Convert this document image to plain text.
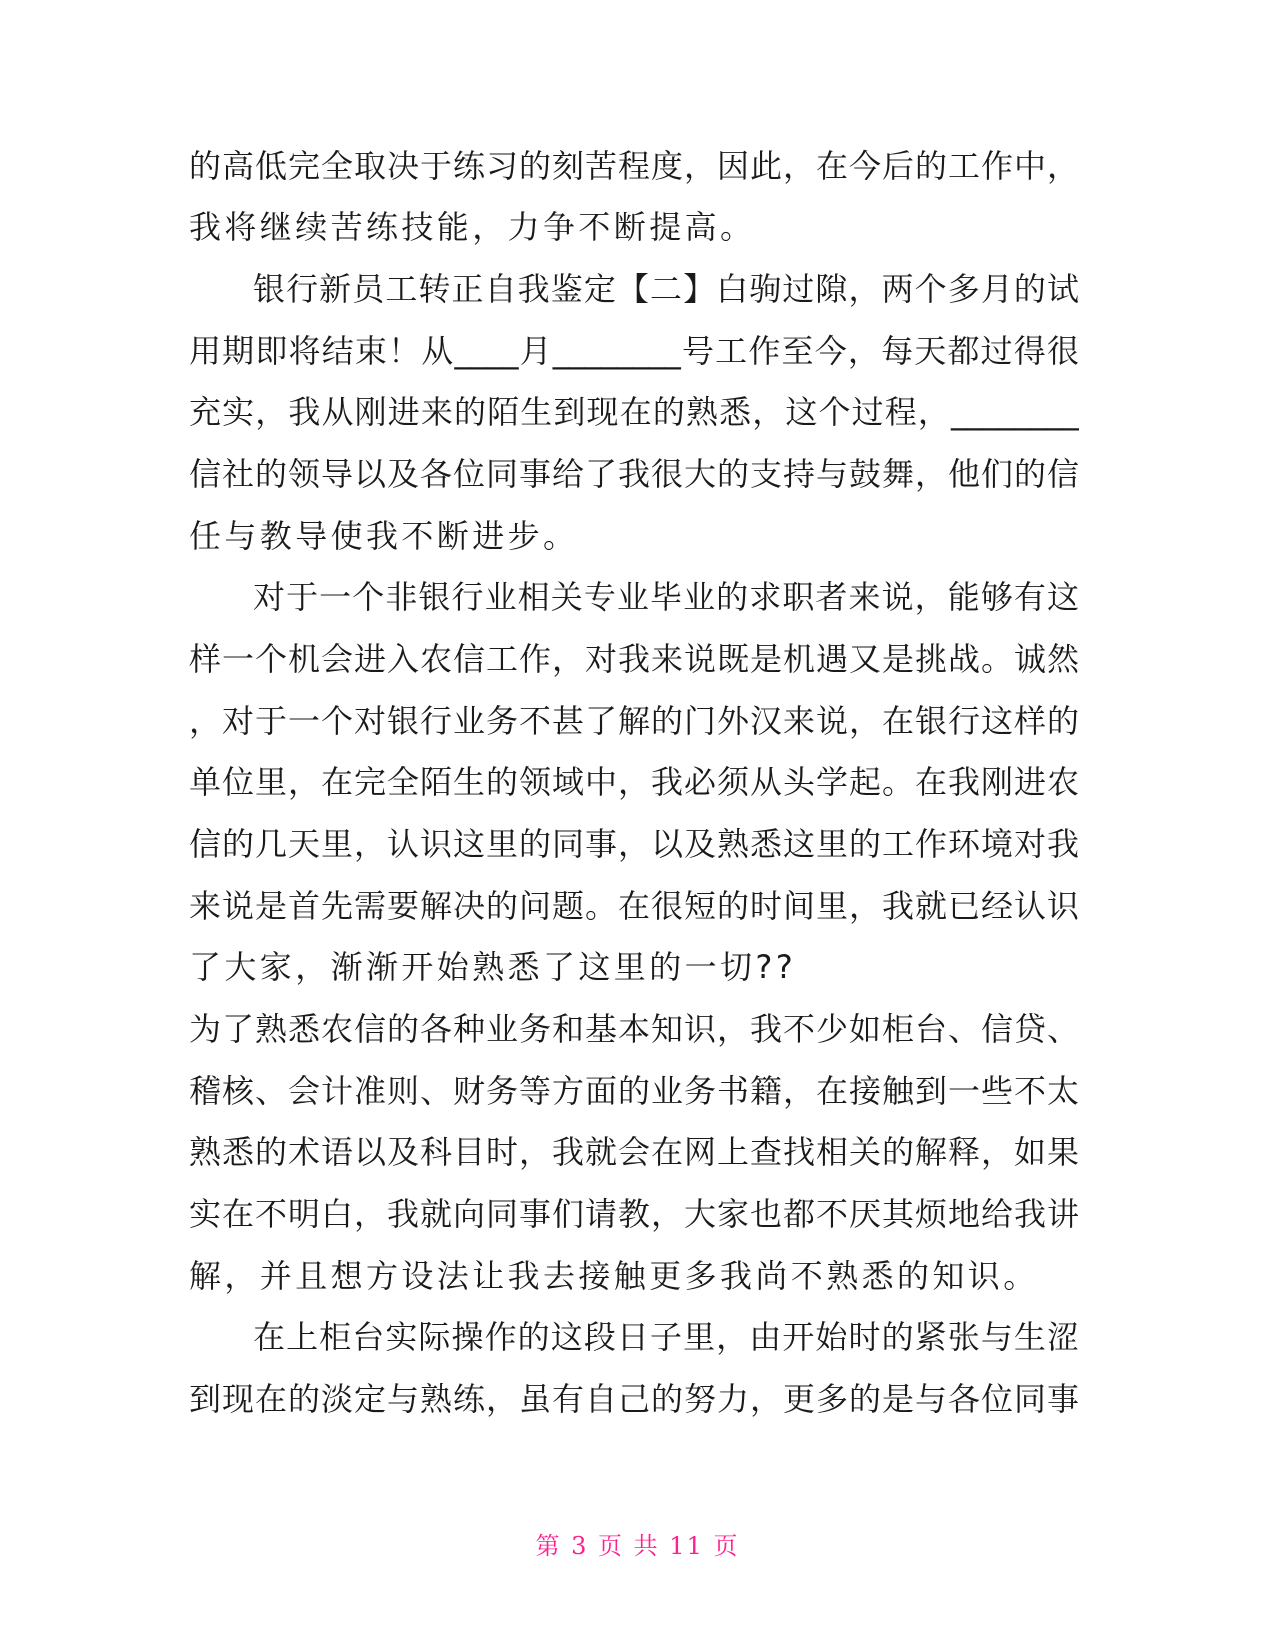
的高低完全取决于练习的刻苦程度，因此，在今后的工作中，
我将继续苦练技能，力争不断提高。
银行新员工转正自我鉴定【二】白驹过隙，两个多月的试
用期即将结束！从____月________号工作至今，每天都过得很
充实，我从刚进来的陌生到现在的熟悉，这个过程，________
信社的领导以及各位同事给了我很大的支持与鼓舞，他们的信
任与教导使我不断进步。
对于一个非银行业相关专业毕业的求职者来说，能够有这
样一个机会进入农信工作，对我来说既是机遇又是挑战。诚然
，对于一个对银行业务不甚了解的门外汉来说，在银行这样的
单位里，在完全陌生的领域中，我必须从头学起。在我刚进农
信的几天里，认识这里的同事，以及熟悉这里的工作环境对我
来说是首先需要解决的问题。在很短的时间里，我就已经认识
了大家，渐渐开始熟悉了这里的一切??
为了熟悉农信的各种业务和基本知识，我不少如柜台、信贷、
稽核、会计准则、财务等方面的业务书籍，在接触到一些不太
熟悉的术语以及科目时，我就会在网上查找相关的解释，如果
实在不明白，我就向同事们请教，大家也都不厌其烦地给我讲
解，并且想方设法让我去接触更多我尚不熟悉的知识。
在上柜台实际操作的这段日子里，由开始时的紧张与生涩
到现在的淡定与熟练，虽有自己的努力，更多的是与各位同事
第 3 页 共 11 页
